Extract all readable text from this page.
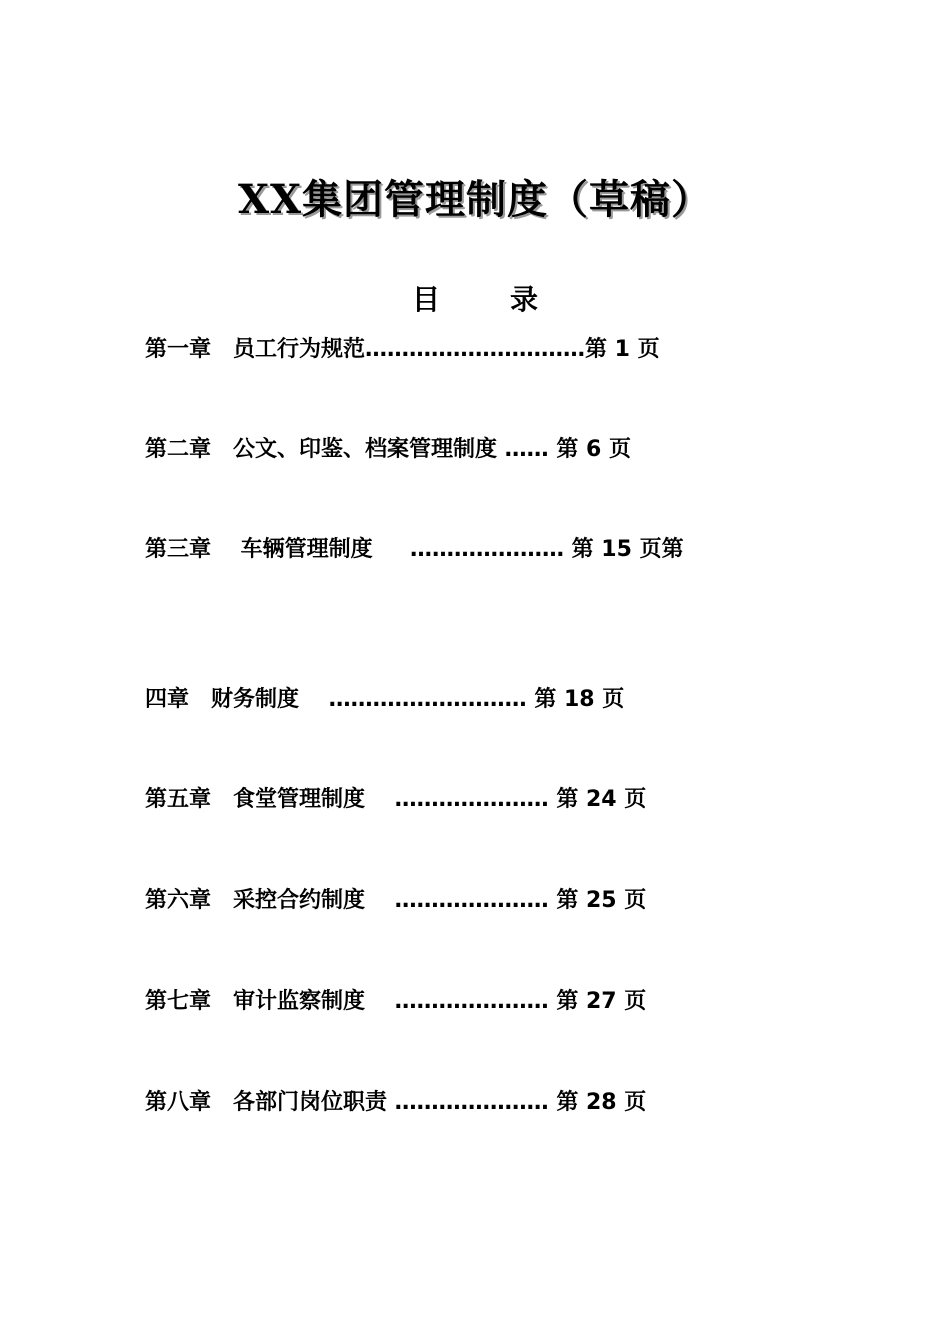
XX集团管理制度（草稿）
目	录
第一章　员工行为规范…………………………第 1 页
第二章　公文、印鉴、档案管理制度 …… 第 6 页
第三章　 车辆管理制度　  ………………… 第 15 页第
四章　财务制度　 ……………………… 第 18 页
第五章　食堂管理制度　 ………………… 第 24 页
第六章　采控合约制度　 ………………… 第 25 页
第七章　审计监察制度　 ………………… 第 27 页
第八章　各部门岗位职责 ………………… 第 28 页
